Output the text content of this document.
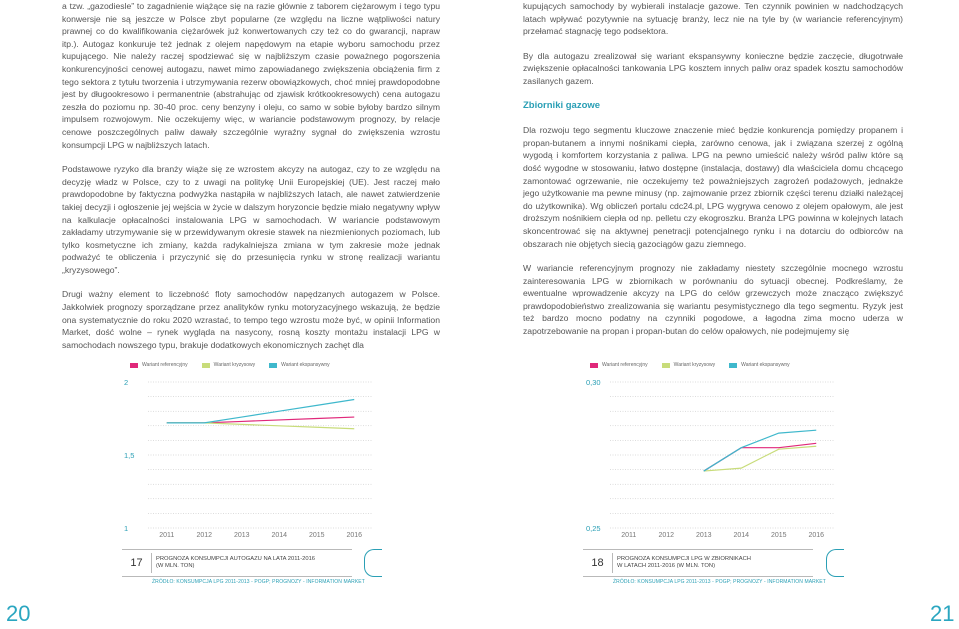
a tzw. „gazodiesle” to zagadnienie wiążące się na razie głównie z taborem ciężarowym i tego typu konwersje nie są jeszcze w Polsce zbyt popularne (ze względu na liczne wątpliwości natury prawnej co do kwalifikowania ciężarówek już konwertowanych czy też co do gwarancji, napraw itp.). Autogaz konkuruje też jednak z olejem napędowym na etapie wyboru samochodu przez kupującego. Nie należy raczej spodziewać się w najbliższym czasie poważnego pogorszenia konkurencyjności cenowej autogazu, nawet mimo zapowiadanego zwiększenia obciążenia firm z tego sektora z tytułu tworzenia i utrzymywania rezerw obowiązkowych, choć mniej prawdopodobne jest by długookresowo i permanentnie (abstrahując od zjawisk krótkookresowych) cena autogazu zeszła do poziomu np. 30-40 proc. ceny benzyny i oleju, co samo w sobie byłoby bardzo silnym impulsem rozwojowym. Nie oczekujemy więc, w wariancie podstawowym prognozy, by relacje cenowe poszczególnych paliw dawały szczególnie wyraźny sygnał do zwiększenia wzrostu konsumpcji LPG w najbliższych latach.

Podstawowe ryzyko dla branży wiąże się ze wzrostem akcyzy na autogaz, czy to ze względu na decyzję władz w Polsce, czy to z uwagi na politykę Unii Europejskiej (UE). Jest raczej mało prawdopodobne by faktyczna podwyżka nastąpiła w najbliższych latach, ale nawet zatwierdzenie takiej decyzji i ogłoszenie jej wejścia w życie w dalszym horyzoncie będzie miało negatywny wpływ na kalkulacje opłacalności instalowania LPG w samochodach. W wariancie podstawowym zakładamy utrzymywanie się w przewidywanym okresie stawek na niezmienionych poziomach, lub tylko kosmetyczne ich zmiany, każda radykalniejsza zmiana w tym zakresie może jednak podważyć te obliczenia i przyczynić się do przesunięcia rynku w stronę realizacji wariantu „kryzysowego”.

Drugi ważny element to liczebność floty samochodów napędzanych autogazem w Polsce. Jakkolwiek prognozy sporządzane przez analityków rynku motoryzacyjnego wskazują, że będzie ona systematycznie do roku 2020 wzrastać, to tempo tego wzrostu może być, w opinii Information Market, dość wolne – rynek wygląda na nasycony, rosną koszty montażu instalacji LPG w samochodach nowszego typu, brakuje dodatkowych ekonomicznych zachęt dla

Wariant referencyjny	Wariant kryzysowy	Wariant ekspansywny
2
1,5
1
2011	2012	2013	2014	2015	2016
17	PROGNOZA KONSUMPCJI AUTOGAZU NA LATA 2011-2016
(W MLN. TON)
ŹRÓDŁO: KONSUMPCJA LPG 2011-2013 - POGP; PROGNOZY - INFORMATION MARKET
20

kupujących samochody by wybierali instalacje gazowe. Ten czynnik powinien w nadchodzących latach wpływać pozytywnie na sytuację branży, lecz nie na tyle by (w wariancie referencyjnym) przełamać stagnację tego podsektora.

By dla autogazu zrealizował się wariant ekspansywny konieczne będzie zaczęcie, długotrwałe zwiększenie opłacalności tankowania LPG kosztem innych paliw oraz spadek kosztu samochodów zasilanych gazem.

Zbiorniki gazowe

Dla rozwoju tego segmentu kluczowe znaczenie mieć będzie konkurencja pomiędzy propanem i propan-butanem a innymi nośnikami ciepła, zarówno cenowa, jak i związana szerzej z ogólną wygodą i komfortem korzystania z paliwa. LPG na pewno umieścić należy wśród paliw które są dość wygodne w stosowaniu, łatwo dostępne (instalacja, dostawy) dla właściciela domu chcącego zamontować ogrzewanie, nie oczekujemy też poważniejszych zagrożeń podażowych, jednakże jego użytkowanie ma pewne minusy (np. zajmowanie przez zbiornik części terenu działki należącej do użytkownika). Wg obliczeń portalu cdc24.pl, LPG wygrywa cenowo z olejem opałowym, ale jest droższym nośnikiem ciepła od np. pelletu czy ekogroszku. Branża LPG powinna w kolejnych latach skoncentrować się na aktywnej penetracji potencjalnego rynku i na dotarciu do odbiorców na obszarach nie objętych siecią gazociągów gazu ziemnego.

W wariancie referencyjnym prognozy nie zakładamy niestety szczególnie mocnego wzrostu zainteresowania LPG w zbiornikach w porównaniu do sytuacji obecnej. Podkreślamy, że ewentualne wprowadzenie akcyzy na LPG do celów grzewczych może znacząco zwiększyć prawdopodobieństwo zrealizowania się wariantu pesymistycznego dla tego segmentu. Ryzyk jest też bardzo mocno podatny na czynniki pogodowe, a łagodna zima mocno uderza w zapotrzebowanie na propan i propan-butan do celów opałowych, nie podejmujemy się

Wariant referencyjny	Wariant kryzysowy	Wariant ekspansywny
0,30
0,25
2011	2012	2013	2014	2015	2016
18	PROGNOZA KONSUMPCJI LPG W ZBIORNIKACH
W LATACH 2011-2016 (W MLN. TON)
ŹRÓDŁO: KONSUMPCJA LPG 2011-2013 - POGP; PROGNOZY - INFORMATION MARKET
21
